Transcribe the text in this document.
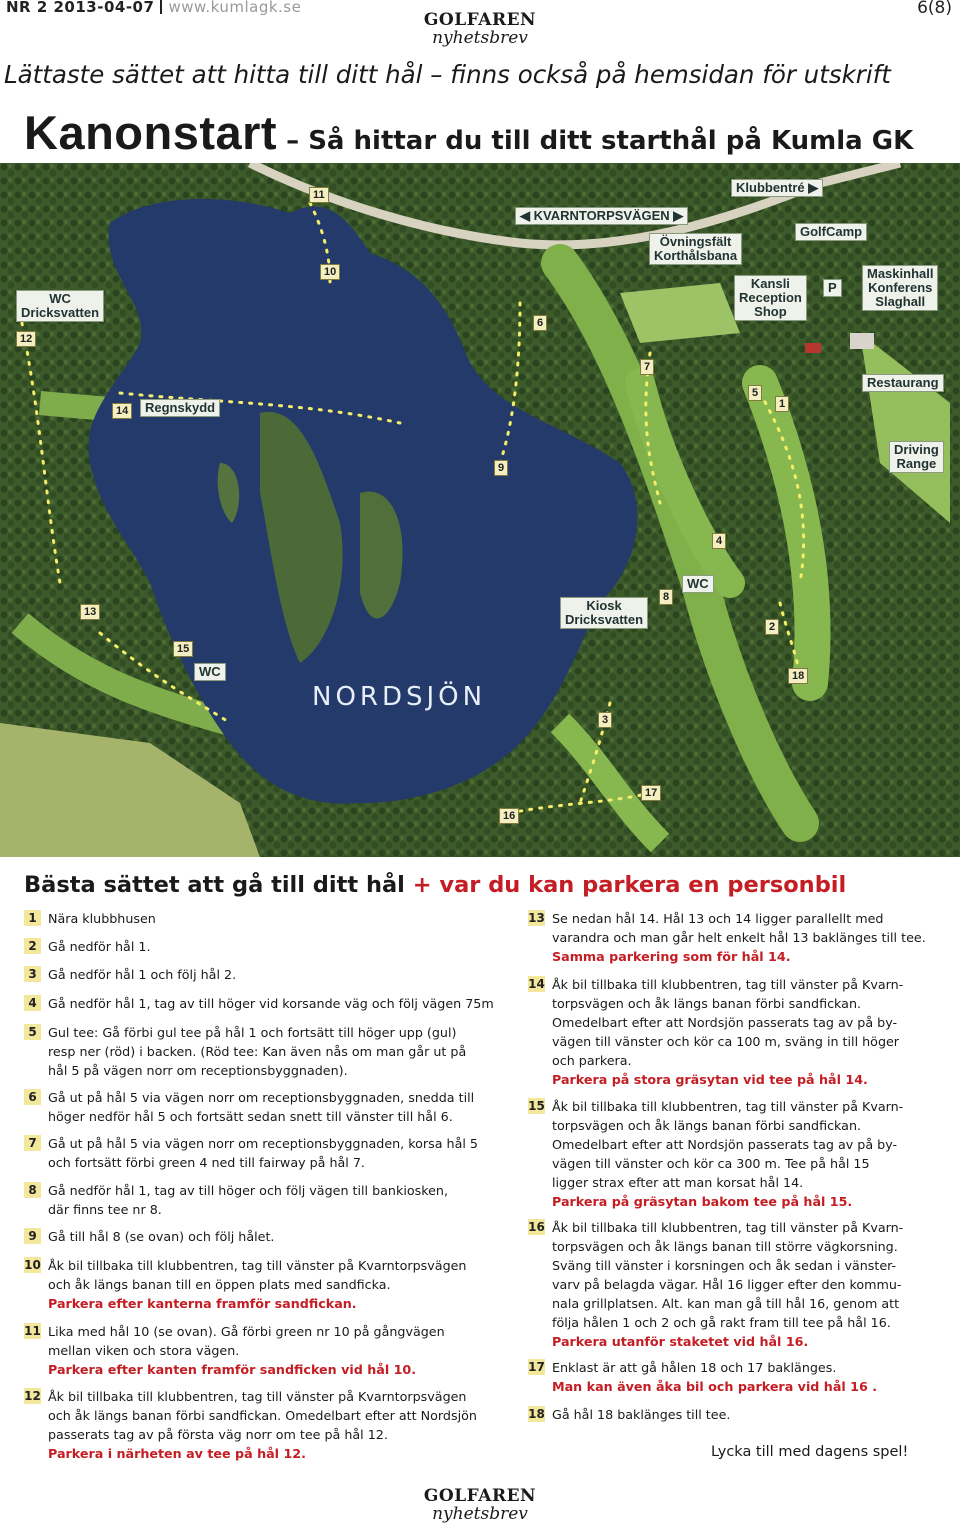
NR 2 2013-04-07 www.kumlagk.se
GOLFAREN
nyhetsbrev
6(8)
Lättaste sättet att hitta till ditt hål – finns också på hemsidan för utskrift
Kanonstart – Så hittar du till ditt starthål på Kumla GK
WC
Dricksvatten
◀ KVARNTORPSVÄGEN ▶
Klubbentré ▶
Övningsfält
Korthålsbana
GolfCamp
Kansli
Reception
Shop
P
Maskinhall
Konferens
Slaghall
Restaurang
Regnskydd
Driving
Range
Kiosk
Dricksvatten
WC
WC
NORDSJÖN
1
2
3
4
5
6
7
8
9
10
11
12
13
14
15
16
17
18
Bästa sättet att gå till ditt hål + var du kan parkera en personbil
1 Nära klubbhusen
2 Gå nedför hål 1.
3 Gå nedför hål 1 och följ hål 2.
4 Gå nedför hål 1, tag av till höger vid korsande väg och följ vägen 75m
5 Gul tee: Gå förbi gul tee på hål 1 och fortsätt till höger upp (gul)
resp ner (röd) i backen. (Röd tee: Kan även nås om man går ut på
hål 5 på vägen norr om receptionsbyggnaden).
6 Gå ut på hål 5 via vägen norr om receptionsbyggnaden, snedda till
höger nedför hål 5 och fortsätt sedan snett till vänster till hål 6.
7 Gå ut på hål 5 via vägen norr om receptionsbyggnaden, korsa hål 5
och fortsätt förbi green 4 ned till fairway på hål 7.
8 Gå nedför hål 1, tag av till höger och följ vägen till bankiosken,
där finns tee nr 8.
9 Gå till hål 8 (se ovan) och följ hålet.
10 Åk bil tillbaka till klubbentren, tag till vänster på Kvarntorpsvägen
och åk längs banan till en öppen plats med sandficka.
Parkera efter kanterna framför sandfickan.
11 Lika med hål 10 (se ovan). Gå förbi green nr 10 på gångvägen
mellan viken och stora vägen.
Parkera efter kanten framför sandficken vid hål 10.
12 Åk bil tillbaka till klubbentren, tag till vänster på Kvarntorpsvägen
och åk längs banan förbi sandfickan. Omedelbart efter att Nordsjön
passerats tag av på första väg norr om tee på hål 12.
Parkera i närheten av tee på hål 12.
13 Se nedan hål 14. Hål 13 och 14 ligger parallellt med
varandra och man går helt enkelt hål 13 baklänges till tee.
Samma parkering som för hål 14.
14 Åk bil tillbaka till klubbentren, tag till vänster på Kvarn-
torpsvägen och åk längs banan förbi sandfickan.
Omedelbart efter att Nordsjön passerats tag av på by-
vägen till vänster och kör ca 100 m, sväng in till höger
och parkera.
Parkera på stora gräsytan vid tee på hål 14.
15 Åk bil tillbaka till klubbentren, tag till vänster på Kvarn-
torpsvägen och åk längs banan förbi sandfickan.
Omedelbart efter att Nordsjön passerats tag av på by-
vägen till vänster och kör ca 300 m. Tee på hål 15
ligger strax efter att man korsat hål 14.
Parkera på gräsytan bakom tee på hål 15.
16 Åk bil tillbaka till klubbentren, tag till vänster på Kvarn-
torpsvägen och åk längs banan till större vägkorsning.
Sväng till vänster i korsningen och åk sedan i vänster-
varv på belagda vägar. Hål 16 ligger efter den kommu-
nala grillplatsen. Alt. kan man gå till hål 16, genom att
följa hålen 1 och 2 och gå rakt fram till tee på hål 16.
Parkera utanför staketet vid hål 16.
17 Enklast är att gå hålen 18 och 17 baklänges.
Man kan även åka bil och parkera vid hål 16 .
18 Gå hål 18 baklänges till tee.
Lycka till med dagens spel!
GOLFAREN
nyhetsbrev
